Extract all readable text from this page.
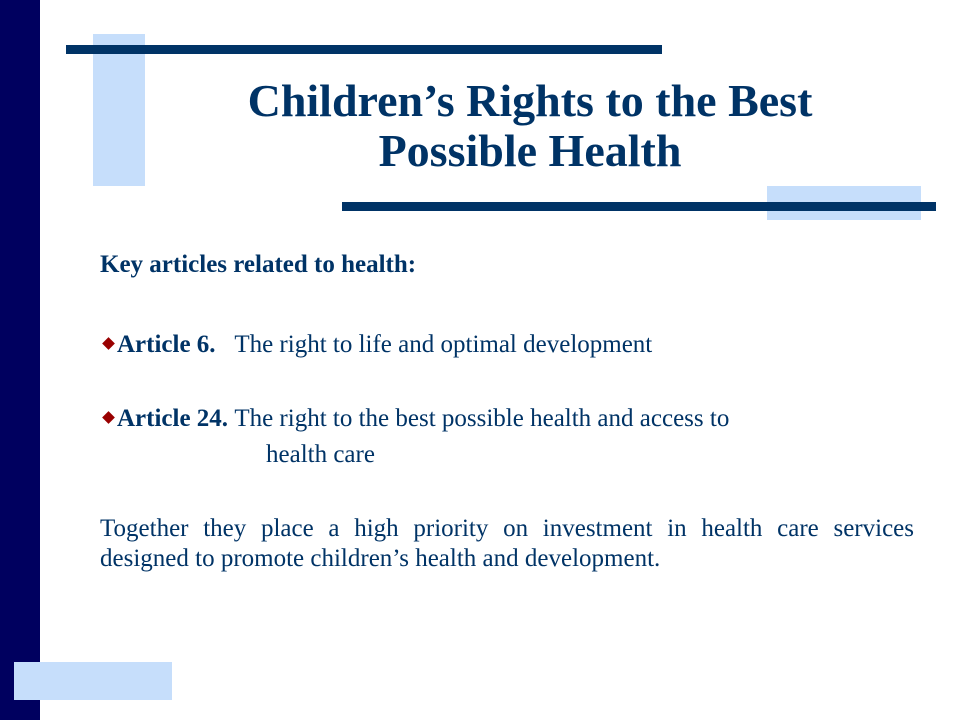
Children’s Rights to the Best
Possible Health

Key articles related to health:

Article 6. The right to life and optimal development

Article 24. The right to the best possible health and access to

health care

Together they place a high priority on investment in health care services designed to promote children’s health and development.
